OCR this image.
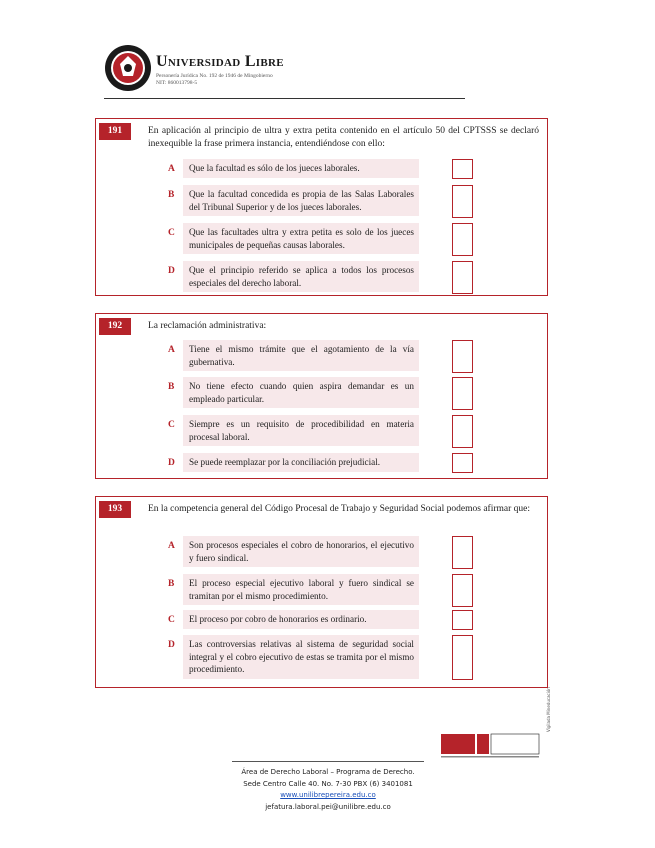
Universidad Libre
Personería Jurídica No. 192 de 1946 de Mingobierno
NIT: 860013798-5
191	En aplicación al principio de ultra y extra petita contenido en el artículo 50 del CPTSSS se declaró inexequible la frase primera instancia, entendiéndose con ello:
A	Que la facultad es sólo de los jueces laborales.
B	Que la facultad concedida es propia de las Salas Laborales del Tribunal Superior y de los jueces laborales.
C	Que las facultades ultra y extra petita es solo de los jueces municipales de pequeñas causas laborales.
D	Que el principio referido se aplica a todos los procesos especiales del derecho laboral.
192	La reclamación administrativa:
A	Tiene el mismo trámite que el agotamiento de la vía gubernativa.
B	No tiene efecto cuando quien aspira demandar es un empleado particular.
C	Siempre es un requisito de procedibilidad en materia procesal laboral.
D	Se puede reemplazar por la conciliación prejudicial.
193	En la competencia general del Código Procesal de Trabajo y Seguridad Social podemos afirmar que:
A	Son procesos especiales el cobro de honorarios, el ejecutivo y fuero sindical.
B	El proceso especial ejecutivo laboral y fuero sindical se tramitan por el mismo procedimiento.
C	El proceso por cobro de honorarios es ordinario.
D	Las controversias relativas al sistema de seguridad social integral y el cobro ejecutivo de estas se tramita por el mismo procedimiento.
Vigilada Mineducación
Área de Derecho Laboral – Programa de Derecho.
Sede Centro Calle 40. No. 7-30 PBX (6) 3401081
www.unilibrepereira.edu.co
jefatura.laboral.pei@unilibre.edu.co
